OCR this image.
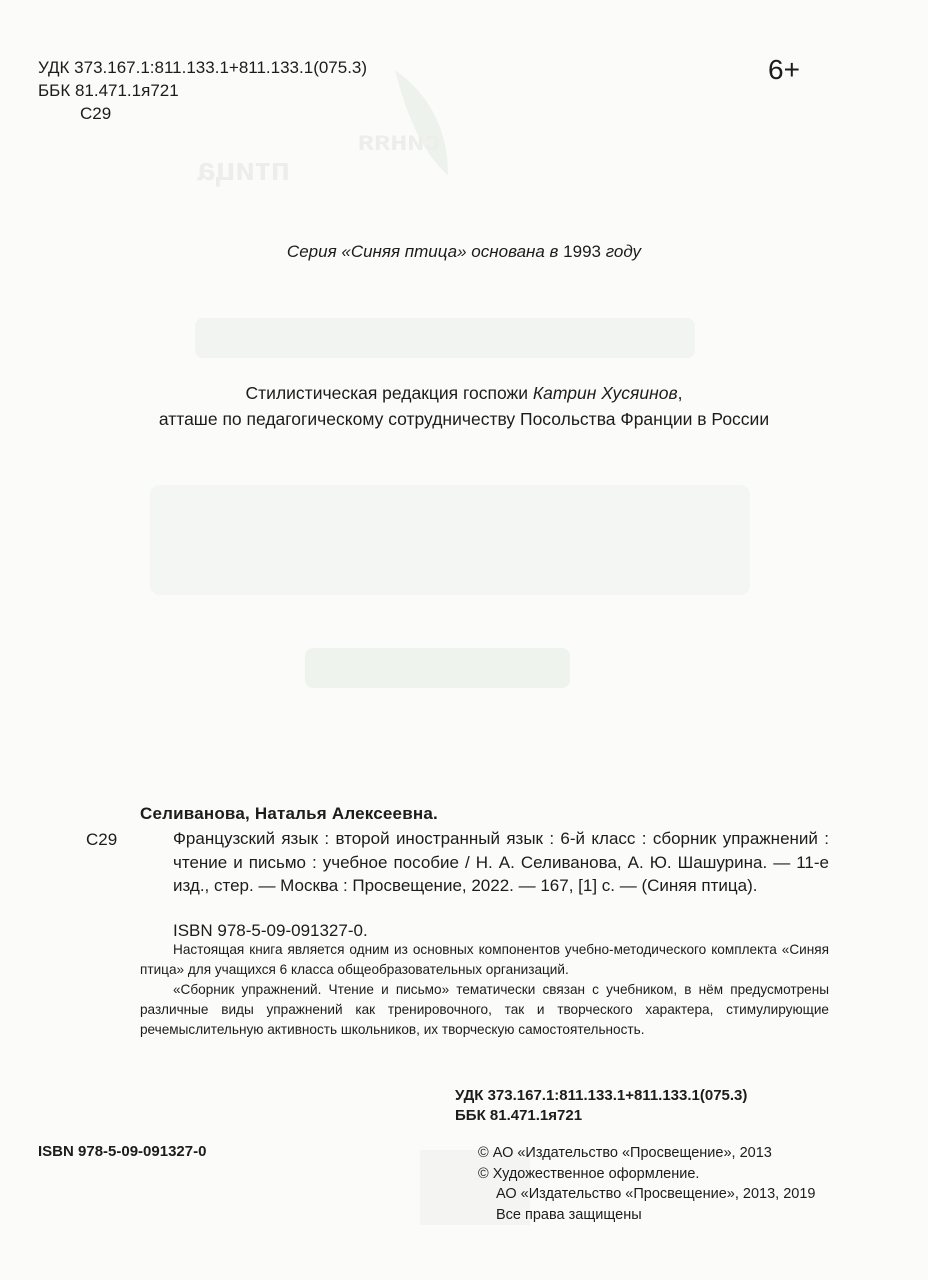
синяя
птица
УДК 373.167.1:811.133.1+811.133.1(075.3)
ББК 81.471.1я721
С29
6+
Серия «Синяя птица» основана в 1993 году
Стилистическая редакция госпожи Катрин Хусяинов,
атташе по педагогическому сотрудничеству Посольства Франции в России
Селиванова, Наталья Алексеевна.
С29	Французский язык : второй иностранный язык : 6-й класс : сборник упражнений : чтение и письмо : учебное пособие / Н. А. Селиванова, А. Ю. Шашурина. — 11-е изд., стер. — Москва : Просвещение, 2022. — 167, [1] с. — (Синяя птица).
ISBN 978-5-09-091327-0.

Настоящая книга является одним из основных компонентов учебно-методического комплекта «Синяя птица» для учащихся 6 класса общеобразовательных организаций.

«Сборник упражнений. Чтение и письмо» тематически связан с учебником, в нём предусмотрены различные виды упражнений как тренировочного, так и творческого характера, стимулирующие речемыслительную активность школьников, их творческую самостоятельность.

УДК 373.167.1:811.133.1+811.133.1(075.3)
ББК 81.471.1я721
ISBN 978-5-09-091327-0	© АО «Издательство «Просвещение», 2013
© Художественное оформление.
АО «Издательство «Просвещение», 2013, 2019
Все права защищены
